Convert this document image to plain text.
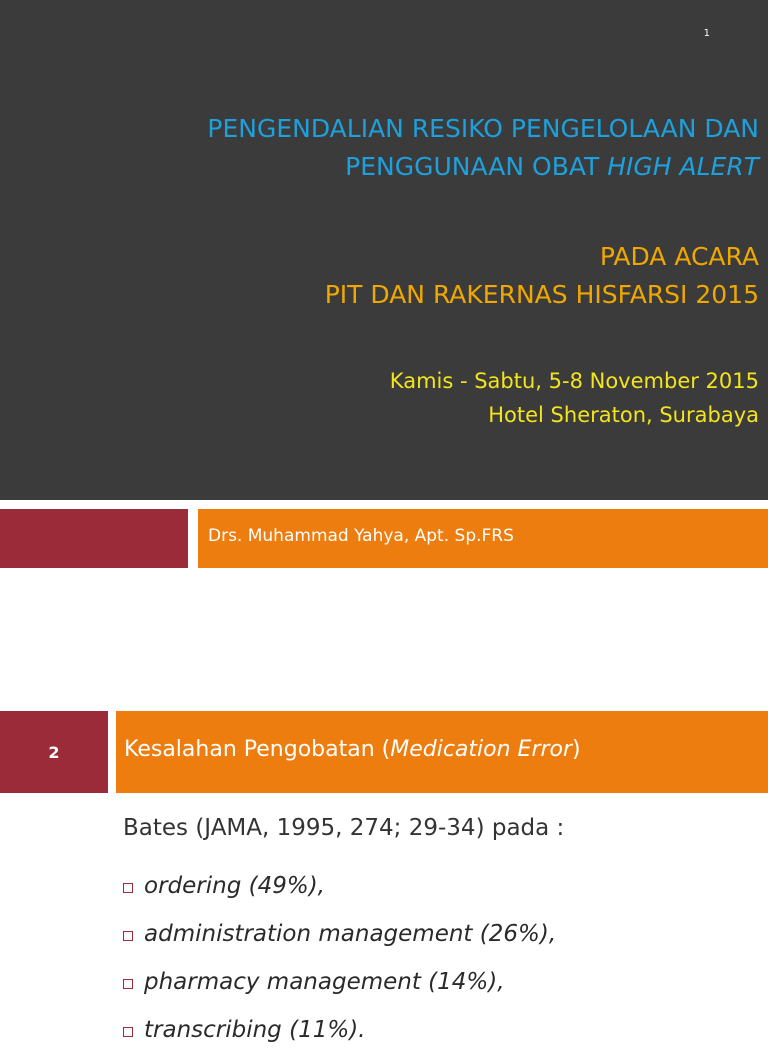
1
PENGENDALIAN RESIKO PENGELOLAAN DAN
PENGGUNAAN OBAT HIGH ALERT
PADA ACARA
PIT DAN RAKERNAS HISFARSI 2015
Kamis - Sabtu, 5-8 November 2015
Hotel Sheraton, Surabaya
Drs. Muhammad Yahya, Apt. Sp.FRS
2	Kesalahan Pengobatan (Medication Error)
Bates (JAMA, 1995, 274; 29-34) pada :
ordering (49%),
administration management (26%),
pharmacy management (14%),
transcribing (11%).
